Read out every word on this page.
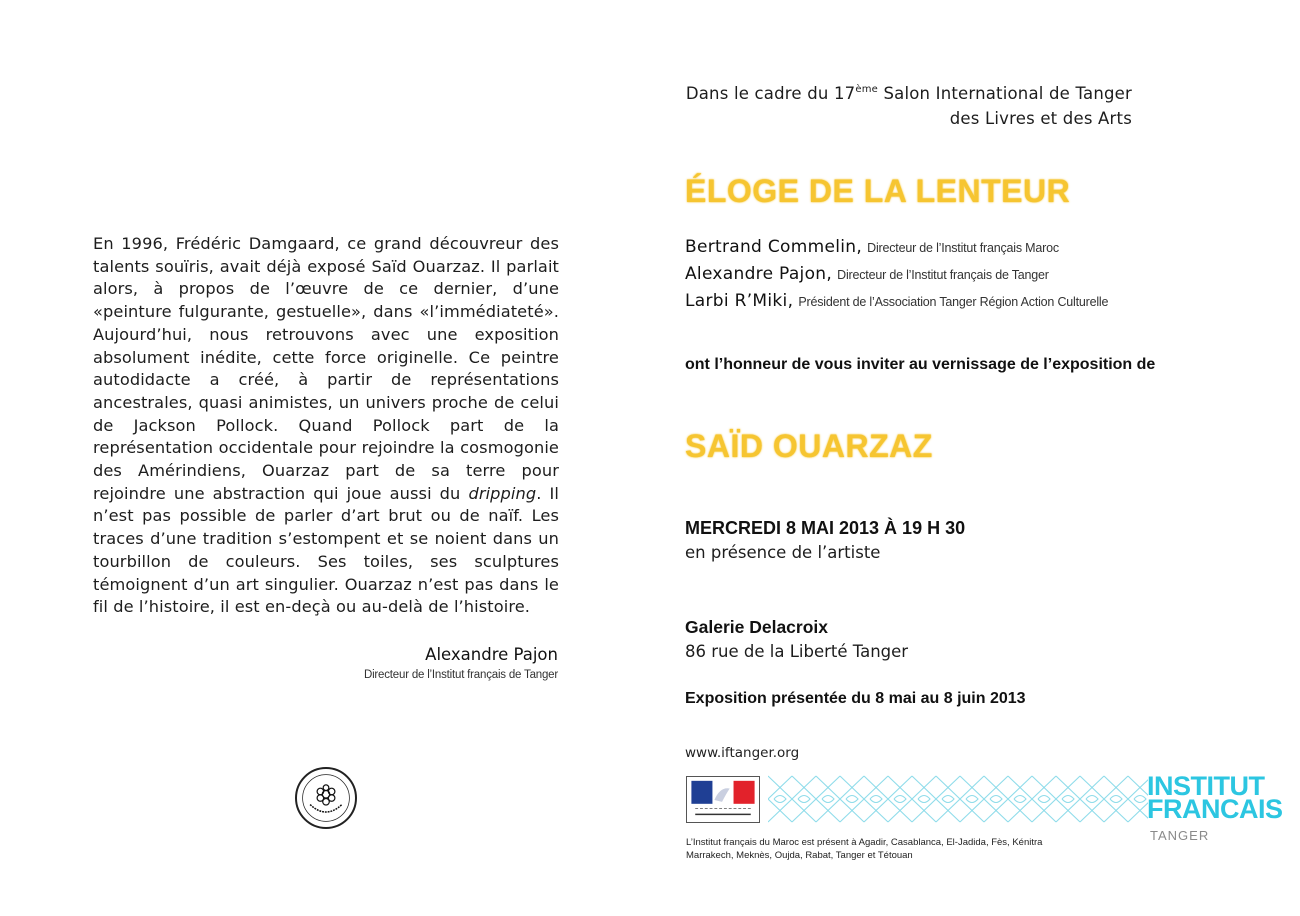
En 1996, Frédéric Damgaard, ce grand découvreur des talents souïris, avait déjà exposé Saïd Ouarzaz. Il parlait alors, à propos de l’œuvre de ce dernier, d’une «peinture fulgurante, gestuelle», dans «l’immédiateté». Aujourd’hui, nous retrouvons avec une exposition absolument inédite, cette force originelle. Ce peintre autodidacte a créé, à partir de représentations ancestrales, quasi animistes, un univers proche de celui de Jackson Pollock. Quand Pollock part de la représentation occidentale pour rejoindre la cosmogonie des Amérindiens, Ouarzaz part de sa terre pour rejoindre une abstraction qui joue aussi du dripping. Il n’est pas possible de parler d’art brut ou de naïf. Les traces d’une tradition s’estompent et se noient dans un tourbillon de couleurs. Ses toiles, ses sculptures témoignent d’un art singulier. Ouarzaz n’est pas dans le fil de l’histoire, il est en-deçà ou au-delà de l’histoire.

Alexandre Pajon
Directeur de l’Institut français de Tanger
Dans le cadre du 17ème Salon International de Tanger
des Livres et des Arts
ÉLOGE DE LA LENTEUR
Bertrand Commelin, Directeur de l’Institut français Maroc
Alexandre Pajon, Directeur de l’Institut français de Tanger
Larbi R’Miki, Président de l’Association Tanger Région Action Culturelle
ont l’honneur de vous inviter au vernissage de l’exposition de
SAÏD OUARZAZ
MERCREDI 8 MAI 2013 À 19 H 30
en présence de l’artiste
Galerie Delacroix
86 rue de la Liberté Tanger
Exposition présentée du 8 mai au 8 juin 2013
www.iftanger.org
INSTITUT
FRANCAIS
TANGER
L’Institut français du Maroc est présent à Agadir, Casablanca, El-Jadida, Fès, Kénitra Marrakech, Meknès, Oujda, Rabat, Tanger et Tétouan
